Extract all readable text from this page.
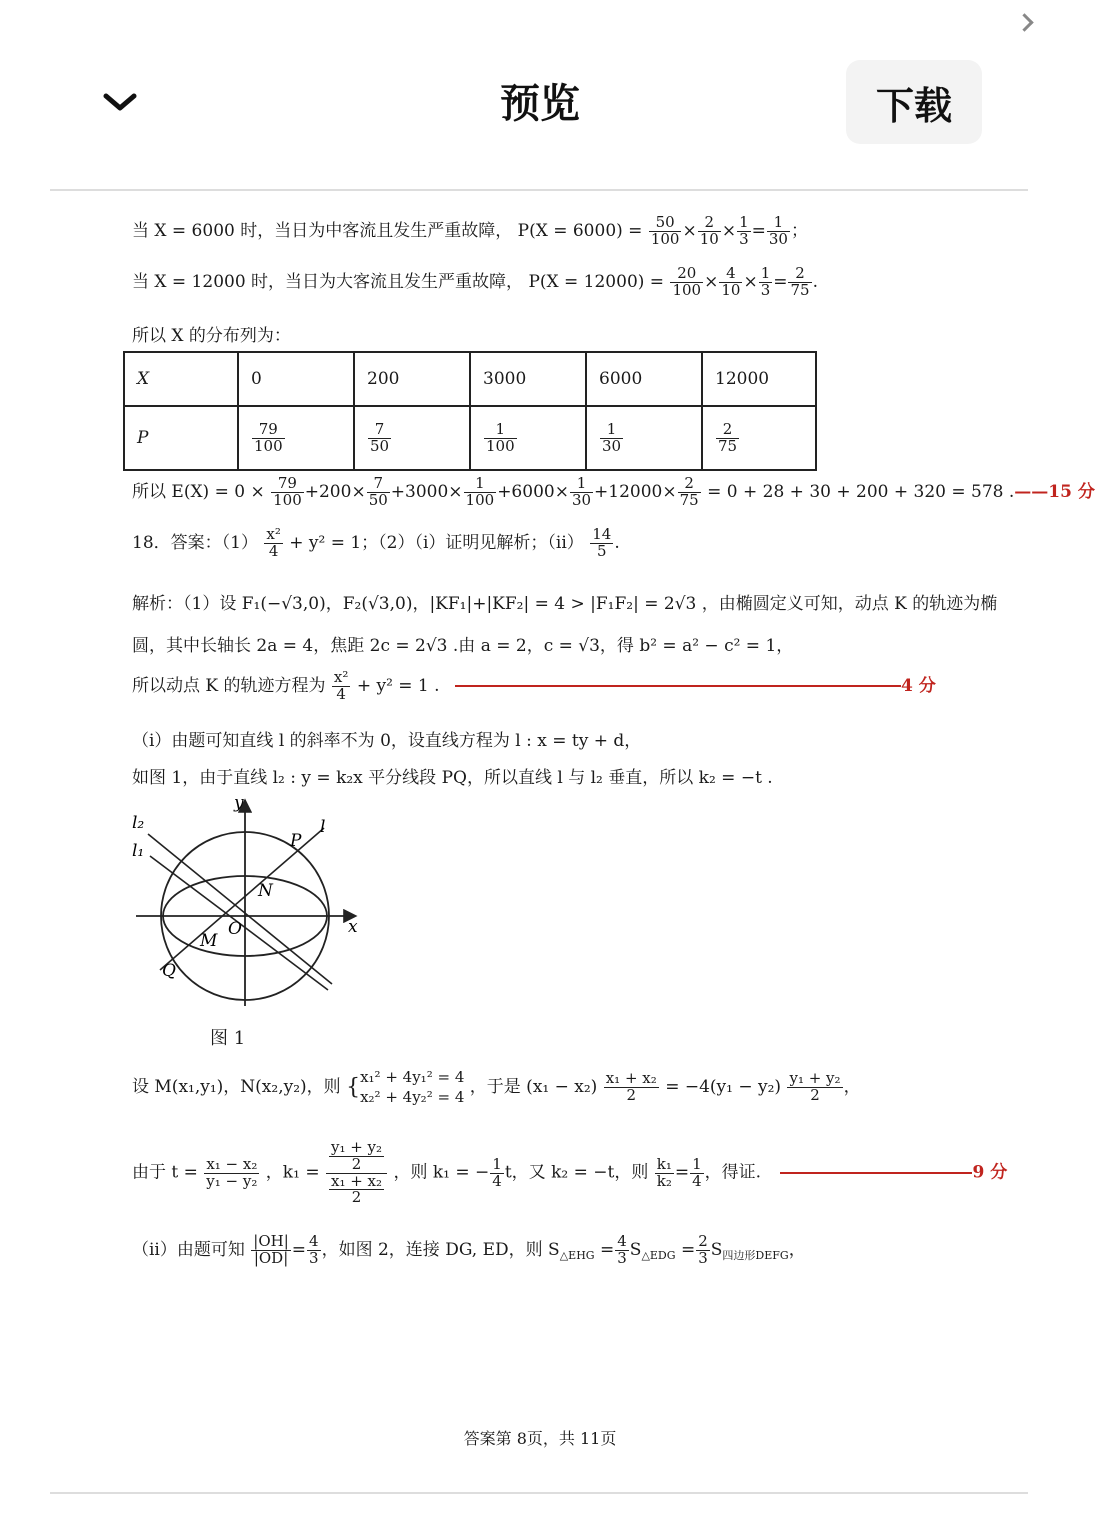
预览	下载
当 X = 6000 时，当日为中客流且发生严重故障， $P(X = 6000) = \frac{50}{100} \times \frac{2}{10} \times \frac{1}{3} = \frac{1}{30}$ ；
当 X = 12000 时，当日为大客流且发生严重故障， $P(X = 12000) = \frac{20}{100} \times \frac{4}{10} \times \frac{1}{3} = \frac{2}{75}$ .
所以 X 的分布列为：
X	0	200	3000	6000	12000
P	$\frac{79}{100}$	$\frac{7}{50}$	$\frac{1}{100}$	$\frac{1}{30}$	$\frac{2}{75}$
所以 $E(X) = 0 \times \frac{79}{100} +200\times \frac{7}{50} +3000\times \frac{1}{100} +6000\times \frac{1}{30} +12000\times \frac{2}{75} = 0 + 28 + 30 + 200 + 320 = 578$ .——15 分
18．答案：$(1) \frac{\text{x²}}{4} + y^2 = 1$；（2）（i）证明见解析；$(ii) \frac{14}{5}$ .
解析：（1）设 F₁(−√3,0)，F₂(√3,0)，|KF₁|+|KF₂| = 4 > |F₁F₂| = 2√3 ，由椭圆定义可知，动点 K 的轨迹为椭
圆，其中长轴长 2a = 4，焦距 2c = 2√3 .由 a = 2，c = √3，得 b² = a² − c² = 1，
所以动点 K 的轨迹方程为 $\frac{\text{x²}}{4} + y^2 = 1$ .	4 分
（i）由题可知直线 l 的斜率不为 0，设直线方程为 l : x = ty + d，
如图 1，由于直线 l₂ : y = k₂x 平分线段 PQ，所以直线 l 与 l₂ 垂直，所以 k₂ = −t .
y
x
l₂
l₁	P
l
N
O
M
Q
图 1
设 M(x₁,y₁)，N(x₂,y₂)，则 { x₁² + 4y₁² = 4
x₂² + 4y₂² = 4 ，于是 $(x_1 - x_2) \frac{\text{x₁ + x₂}}{2} = -4(y_1 - y_2) \frac{\text{y₁ + y₂}}{2}$ ，
由于 $t = \frac{\text{x₁ − x₂}}{\text{y₁ − y₂}}$ ，$k_1 = \frac{\frac{\text{y₁ + y₂}}{2}}{\frac{\text{x₁ + x₂}}{2}}$ ，则 k₁ = − $\frac{1}{4}$ t，又 k₂ = −t，则 $\frac{\text{k₁}}{\text{k₂}} = \frac{1}{4}$ ，得证.	9 分
（ii）由题可知 $\frac{|OH|}{|OD|} = \frac{4}{3}$ ，如图 2，连接 DG, ED，则 $S_{\triangle EHG} = \frac{4}{3} S_{\triangle EDG} = \frac{2}{3} S_{四边形DEFG}$，
答案第 8页，共 11页
